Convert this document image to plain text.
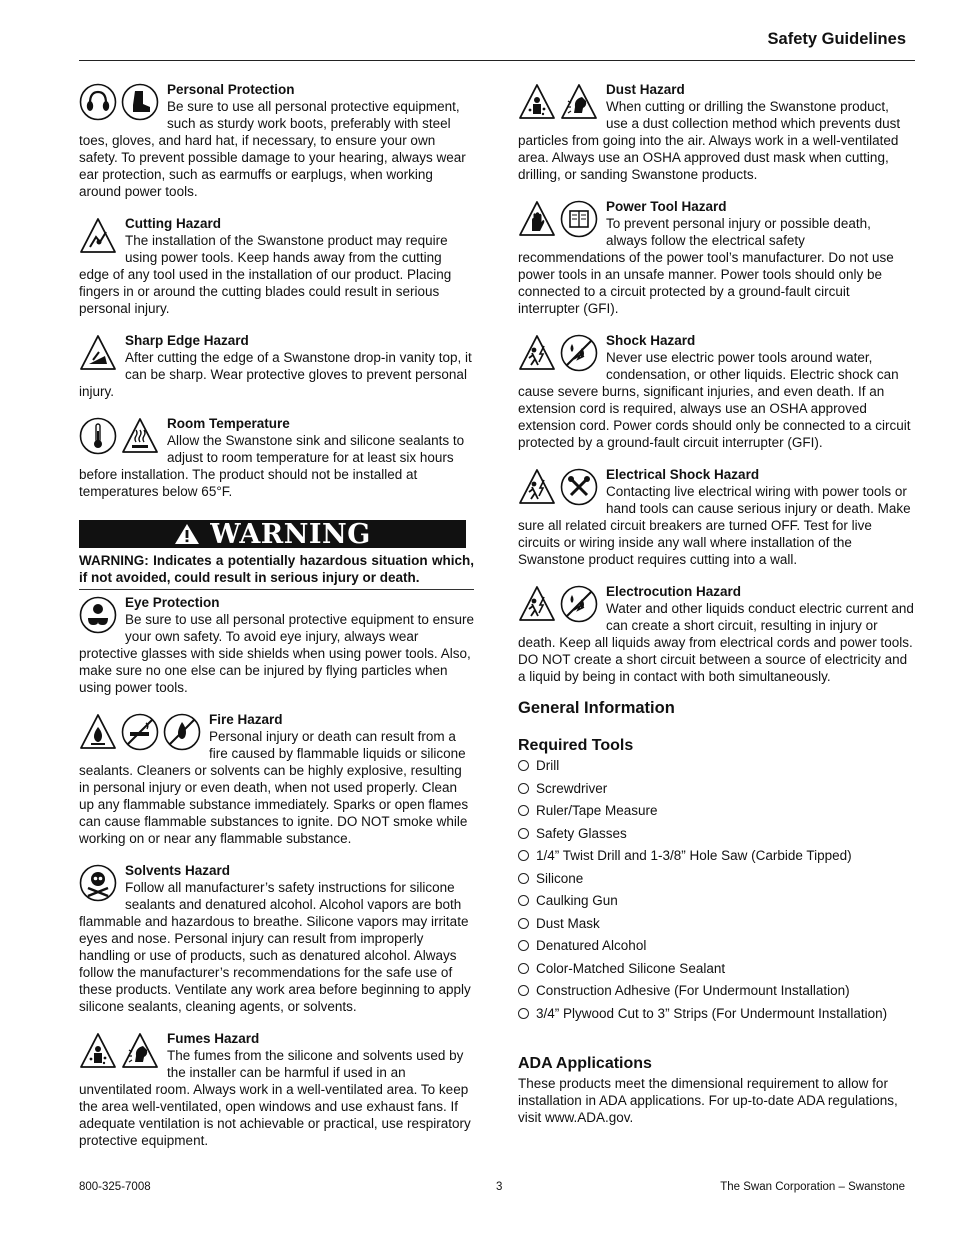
Safety Guidelines
Personal Protection
Be sure to use all personal protective equipment, such as sturdy work boots, preferably with steel toes, gloves, and hard hat, if necessary, to ensure your own safety. To prevent possible damage to your hearing, always wear ear protection, such as earmuffs or earplugs, when working around power tools.
Cutting Hazard
The installation of the Swanstone product may require using power tools. Keep hands away from the cutting edge of any tool used in the installation of our product. Placing fingers in or around the cutting blades could result in serious personal injury.
Sharp Edge Hazard
After cutting the edge of a Swanstone drop-in vanity top, it can be sharp. Wear protective gloves to prevent personal injury.
Room Temperature
Allow the Swanstone sink and silicone sealants to adjust to room temperature for at least six hours before installation. The product should not be installed at temperatures below 65°F.
WARNING
WARNING: Indicates a potentially hazardous situation which, if not avoided, could result in serious injury or death.
Eye Protection
Be sure to use all personal protective equipment to ensure your own safety. To avoid eye injury, always wear protective glasses with side shields when using power tools. Also, make sure no one else can be injured by flying particles when using power tools.
Fire Hazard
Personal injury or death can result from a fire caused by flammable liquids or silicone sealants. Cleaners or solvents can be highly explosive, resulting in personal injury or even death, when not used properly. Clean up any flammable substance immediately. Sparks or open flames can cause flammable substances to ignite. DO NOT smoke while working on or near any flammable substance.
Solvents Hazard
Follow all manufacturer’s safety instructions for silicone sealants and denatured alcohol. Alcohol vapors are both flammable and hazardous to breathe. Silicone vapors may irritate eyes and nose. Personal injury can result from improperly handling or use of products, such as denatured alcohol. Always follow the manufacturer’s recommendations for the safe use of these products. Ventilate any work area before beginning to apply silicone sealants, cleaning agents, or solvents.
Fumes Hazard
The fumes from the silicone and solvents used by the installer can be harmful if used in an unventilated room. Always work in a well-ventilated area. To keep the area well-ventilated, open windows and use exhaust fans. If adequate ventilation is not achievable or practical, use respiratory protective equipment.
Dust Hazard
When cutting or drilling the Swanstone product, use a dust collection method which prevents dust particles from going into the air. Always work in a well-ventilated area. Always use an OSHA approved dust mask when cutting, drilling, or sanding Swanstone products.
Power Tool Hazard
To prevent personal injury or possible death, always follow the electrical safety recommendations of the power tool’s manufacturer. Do not use power tools in an unsafe manner. Power tools should only be connected to a circuit protected by a ground-fault circuit interrupter (GFI).
Shock Hazard
Never use electric power tools around water, condensation, or other liquids. Electric shock can cause severe burns, significant injuries, and even death. If an extension cord is required, always use an OSHA approved extension cord. Power cords should only be connected to a circuit protected by a ground-fault circuit interrupter (GFI).
Electrical Shock Hazard
Contacting live electrical wiring with power tools or hand tools can cause serious injury or death. Make sure all related circuit breakers are turned OFF. Test for live circuits or wiring inside any wall where installation of the Swanstone product requires cutting into a wall.
Electrocution Hazard
Water and other liquids conduct electric current and can create a short circuit, resulting in injury or death. Keep all liquids away from electrical cords and power tools. DO NOT create a short circuit between a source of electricity and a liquid by being in contact with both simultaneously.
General Information
Required Tools
Drill
Screwdriver
Ruler/Tape Measure
Safety Glasses
1/4” Twist Drill and 1-3/8” Hole Saw (Carbide Tipped)
Silicone
Caulking Gun
Dust Mask
Denatured Alcohol
Color-Matched Silicone Sealant
Construction Adhesive (For Undermount Installation)
3/4” Plywood Cut to 3” Strips (For Undermount Installation)
ADA Applications

These products meet the dimensional requirement to allow for installation in ADA applications. For up-to-date ADA regulations, visit www.ADA.gov.

800-325-7008	3	The Swan Corporation – Swanstone
